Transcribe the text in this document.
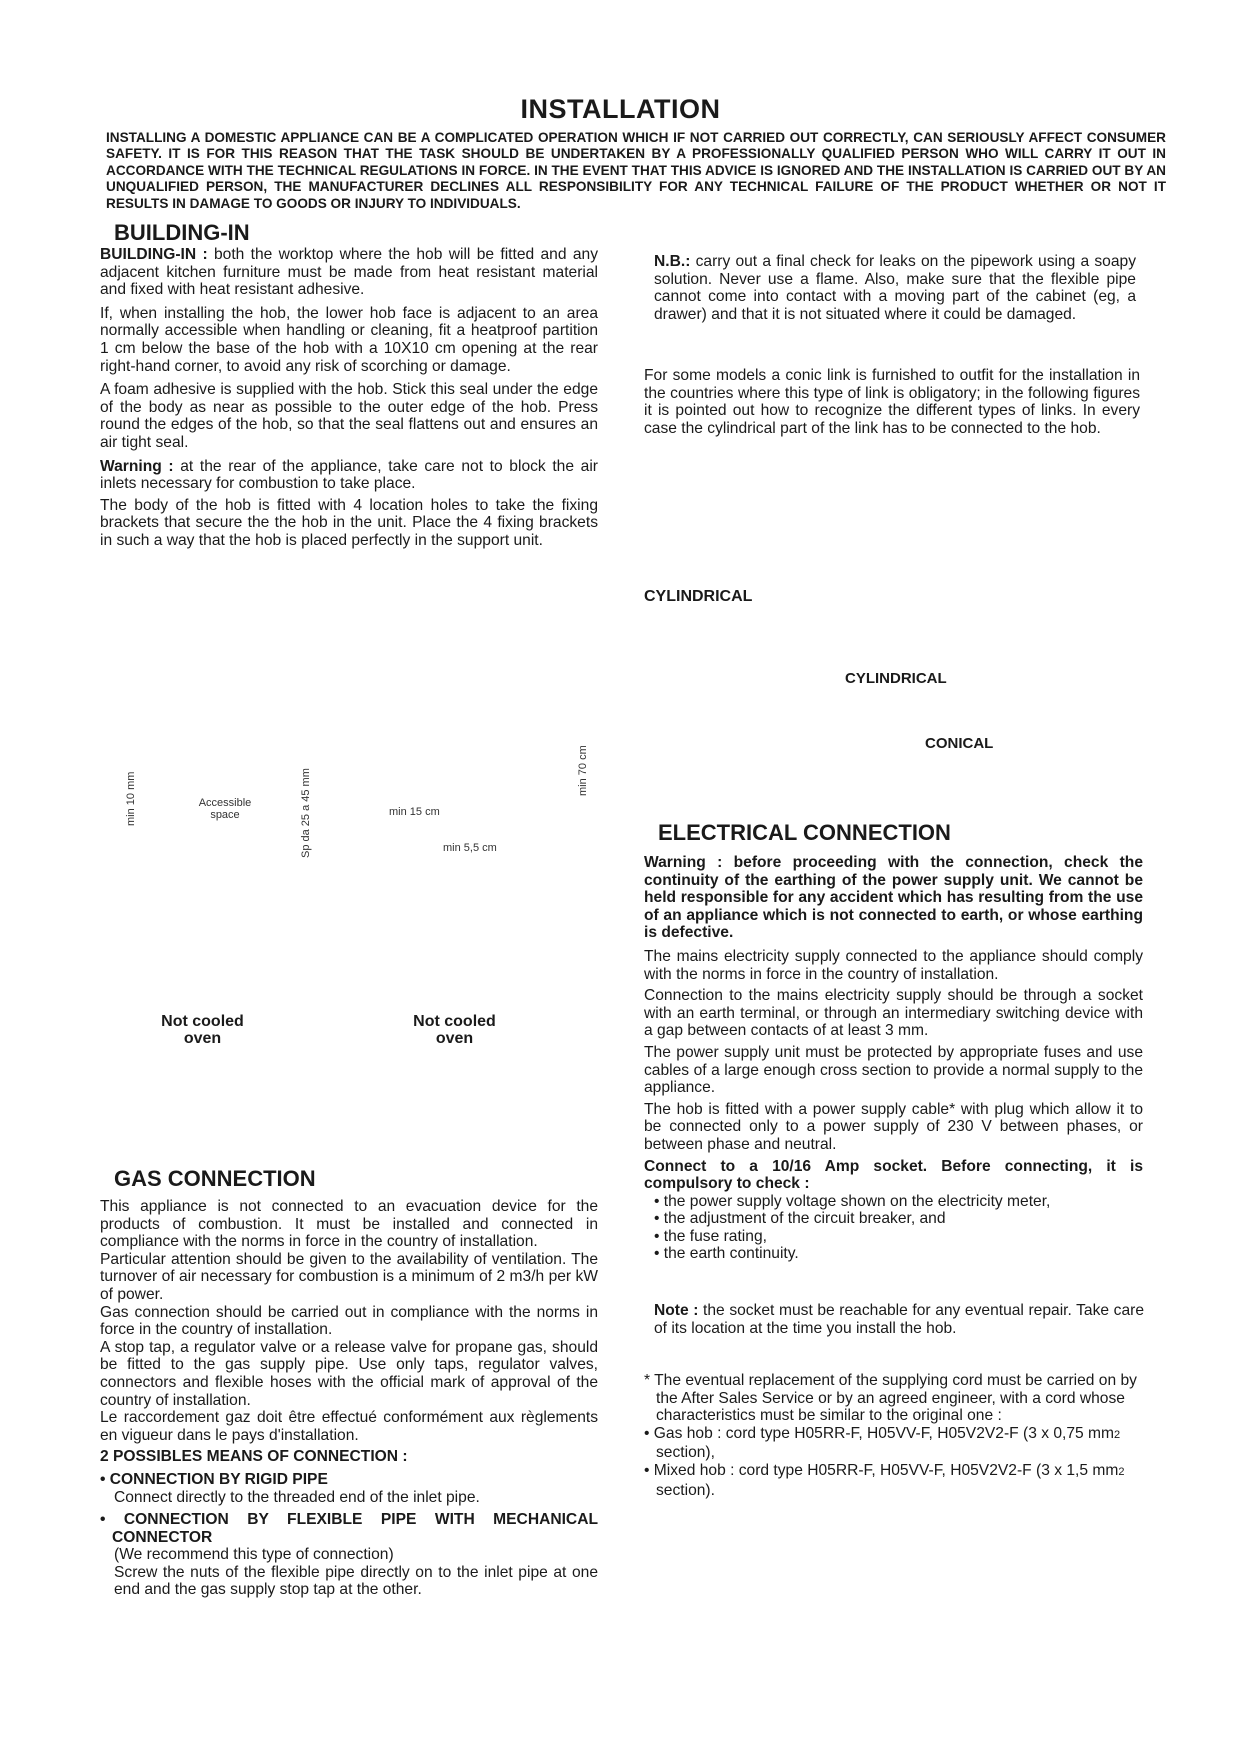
INSTALLATION
INSTALLING A DOMESTIC APPLIANCE CAN BE A COMPLICATED OPERATION WHICH IF NOT CARRIED OUT CORRECTLY, CAN SERIOUSLY AFFECT CONSUMER SAFETY. IT IS FOR THIS REASON THAT THE TASK SHOULD BE UNDERTAKEN BY A PROFESSIONALLY QUALIFIED PERSON WHO WILL CARRY IT OUT IN ACCORDANCE WITH THE TECHNICAL REGULATIONS IN FORCE. IN THE EVENT THAT THIS ADVICE IS IGNORED AND THE INSTALLATION IS CARRIED OUT BY AN UNQUALIFIED PERSON, THE MANUFACTURER DECLINES ALL RESPONSIBILITY FOR ANY TECHNICAL FAILURE OF THE PRODUCT WHETHER OR NOT IT RESULTS IN DAMAGE TO GOODS OR INJURY TO INDIVIDUALS.
BUILDING-IN

BUILDING-IN : both the worktop where the hob will be fitted and any adjacent kitchen furniture must be made from heat resistant material and fixed with heat resistant adhesive.

If, when installing the hob, the lower hob face is adjacent to an area normally accessible when handling or cleaning, fit a heatproof partition 1 cm below the base of the hob with a 10X10 cm opening at the rear right-hand corner, to avoid any risk of scorching or damage.

A foam adhesive is supplied with the hob. Stick this seal under the edge of the body as near as possible to the outer edge of the hob. Press round the edges of the hob, so that the seal flattens out and ensures an air tight seal.

Warning : at the rear of the appliance, take care not to block the air inlets necessary for combustion to take place.

The body of the hob is fitted with 4 location holes to take the fixing brackets that secure the the hob in the unit. Place the 4 fixing brackets in such a way that the hob is placed perfectly in the support unit.

min 10 mm	Accessible space	Sp da 25 a 45 mm	min 15 cm
min 5,5 cm
min 70 cm
Not cooled oven
Not cooled oven

N.B.: carry out a final check for leaks on the pipework using a soapy solution. Never use a flame. Also, make sure that the flexible pipe cannot come into contact with a moving part of the cabinet (eg, a drawer) and that it is not situated where it could be damaged.

For some models a conic link is furnished to outfit for the installation in the countries where this type of link is obligatory; in the following figures it is pointed out how to recognize the different types of links. In every case the cylindrical part of the link has to be connected to the hob.
CYLINDRICAL
CYLINDRICAL
CONICAL
ELECTRICAL CONNECTION

Warning : before proceeding with the connection, check the continuity of the earthing of the power supply unit. We cannot be held responsible for any accident which has resulting from the use of an appliance which is not connected to earth, or whose earthing is defective.

The mains electricity supply connected to the appliance should comply with the norms in force in the country of installation.

Connection to the mains electricity supply should be through a socket with an earth terminal, or through an intermediary switching device with a gap between contacts of at least 3 mm.

The power supply unit must be protected by appropriate fuses and use cables of a large enough cross section to provide a normal supply to the appliance.

The hob is fitted with a power supply cable* with plug which allow it to be connected only to a power supply of 230 V between phases, or between phase and neutral.

Connect to a 10/16 Amp socket. Before connecting, it is compulsory to check :

• the power supply voltage shown on the electricity meter,

• the adjustment of the circuit breaker, and

• the fuse rating,

• the earth continuity.

Note : the socket must be reachable for any eventual repair. Take care of its location at the time you install the hob.

* The eventual replacement of the supplying cord must be carried on by the After Sales Service or by an agreed engineer, with a cord whose characteristics must be similar to the original one :

• Gas hob : cord type H05RR-F, H05VV-F, H05V2V2-F (3 x 0,75 mm2 section),

• Mixed hob : cord type H05RR-F, H05VV-F, H05V2V2-F (3 x 1,5 mm2 section).

GAS CONNECTION

This appliance is not connected to an evacuation device for the products of combustion. It must be installed and connected in compliance with the norms in force in the country of installation.

Particular attention should be given to the availability of ventilation. The turnover of air necessary for combustion is a minimum of 2 m3/h per kW of power.

Gas connection should be carried out in compliance with the norms in force in the country of installation.

A stop tap, a regulator valve or a release valve for propane gas, should be fitted to the gas supply pipe. Use only taps, regulator valves, connectors and flexible hoses with the official mark of approval of the country of installation.

Le raccordement gaz doit être effectué conformément aux règlements en vigueur dans le pays d'installation.

2 POSSIBLES MEANS OF CONNECTION :

• CONNECTION BY RIGID PIPE

Connect directly to the threaded end of the inlet pipe.

• CONNECTION BY FLEXIBLE PIPE WITH MECHANICAL CONNECTOR

(We recommend this type of connection)

Screw the nuts of the flexible pipe directly on to the inlet pipe at one end and the gas supply stop tap at the other.
